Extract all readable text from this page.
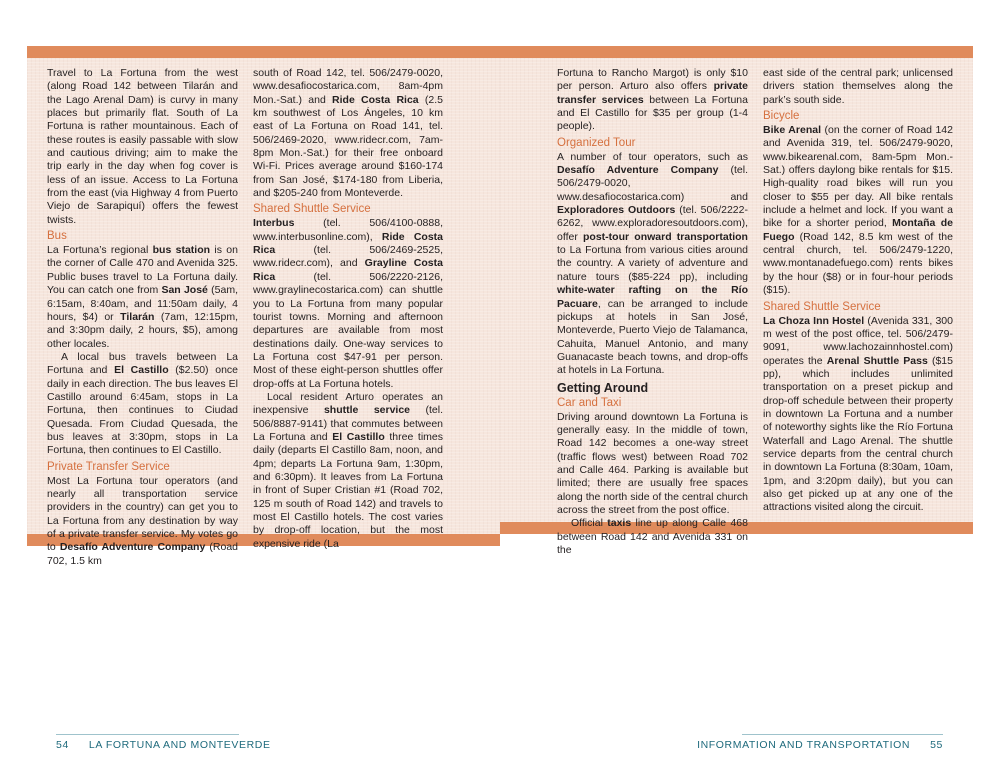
Travel to La Fortuna from the west (along Road 142 between Tilarán and the Lago Arenal Dam) is curvy in many places but primarily flat. South of La Fortuna is rather mountainous. Each of these routes is easily passable with slow and cautious driving; aim to make the trip early in the day when fog cover is less of an issue. Access to La Fortuna from the east (via Highway 4 from Puerto Viejo de Sarapiquí) offers the fewest twists.

Bus

La Fortuna’s regional bus station is on the corner of Calle 470 and Avenida 325. Public buses travel to La Fortuna daily. You can catch one from San José (5am, 6:15am, 8:40am, and 11:50am daily, 4 hours, $4) or Tilarán (7am, 12:15pm, and 3:30pm daily, 2 hours, $5), among other locales.

A local bus travels between La Fortuna and El Castillo ($2.50) once daily in each direction. The bus leaves El Castillo around 6:45am, stops in La Fortuna, then continues to Ciudad Quesada. From Ciudad Quesada, the bus leaves at 3:30pm, stops in La Fortuna, then continues to El Castillo.

Private Transfer Service

Most La Fortuna tour operators (and nearly all transportation service providers in the country) can get you to La Fortuna from any destination by way of a private transfer service. My votes go to Desafío Adventure Company (Road 702, 1.5 km

south of Road 142, tel. 506/2479-0020, www.desafiocostarica.com, 8am-4pm Mon.-Sat.) and Ride Costa Rica (2.5 km southwest of Los Ángeles, 10 km east of La Fortuna on Road 141, tel. 506/2469-2020, www.ridecr.com, 7am-8pm Mon.-Sat.) for their free onboard Wi-Fi. Prices average around $160-174 from San José, $174-180 from Liberia, and $205-240 from Monteverde.

Shared Shuttle Service

Interbus (tel. 506/4100-0888, www.interbusonline.com), Ride Costa Rica (tel. 506/2469-2525, www.ridecr.com), and Grayline Costa Rica (tel. 506/2220-2126, www.graylinecostarica.com) can shuttle you to La Fortuna from many popular tourist towns. Morning and afternoon departures are available from most destinations daily. One-way services to La Fortuna cost $47-91 per person. Most of these eight-person shuttles offer drop-offs at La Fortuna hotels.

Local resident Arturo operates an inexpensive shuttle service (tel. 506/8887-9141) that commutes between La Fortuna and El Castillo three times daily (departs El Castillo 8am, noon, and 4pm; departs La Fortuna 9am, 1:30pm, and 6:30pm). It leaves from La Fortuna in front of Super Cristian #1 (Road 702, 125 m south of Road 142) and travels to most El Castillo hotels. The cost varies by drop-off location, but the most expensive ride (La

Fortuna to Rancho Margot) is only $10 per person. Arturo also offers private transfer services between La Fortuna and El Castillo for $35 per group (1-4 people).

Organized Tour

A number of tour operators, such as Desafío Adventure Company (tel. 506/2479-0020, www.desafiocostarica.com) and Exploradores Outdoors (tel. 506/2222-6262, www.exploradoresoutdoors.com), offer post-tour onward transportation to La Fortuna from various cities around the country. A variety of adventure and nature tours ($85-224 pp), including white-water rafting on the Río Pacuare, can be arranged to include pickups at hotels in San José, Monteverde, Puerto Viejo de Talamanca, Cahuita, Manuel Antonio, and many Guanacaste beach towns, and drop-offs at hotels in La Fortuna.

Getting Around
Car and Taxi

Driving around downtown La Fortuna is generally easy. In the middle of town, Road 142 becomes a one-way street (traffic flows west) between Road 702 and Calle 464. Parking is available but limited; there are usually free spaces along the north side of the central church across the street from the post office.

Official taxis line up along Calle 468 between Road 142 and Avenida 331 on the

east side of the central park; unlicensed drivers station themselves along the park’s south side.

Bicycle

Bike Arenal (on the corner of Road 142 and Avenida 319, tel. 506/2479-9020, www.bikearenal.com, 8am-5pm Mon.-Sat.) offers daylong bike rentals for $15. High-quality road bikes will run you closer to $55 per day. All bike rentals include a helmet and lock. If you want a bike for a shorter period, Montaña de Fuego (Road 142, 8.5 km west of the central church, tel. 506/2479-1220, www.montanadefuego.com) rents bikes by the hour ($8) or in four-hour periods ($15).

Shared Shuttle Service

La Choza Inn Hostel (Avenida 331, 300 m west of the post office, tel. 506/2479-9091, www.lachozainnhostel.com) operates the Arenal Shuttle Pass ($15 pp), which includes unlimited transportation on a preset pickup and drop-off schedule between their property in downtown La Fortuna and a number of noteworthy sights like the Río Fortuna Waterfall and Lago Arenal. The shuttle service departs from the central church in downtown La Fortuna (8:30am, 10am, 1pm, and 3:20pm daily), but you can also get picked up at any one of the attractions visited along the circuit.

54 LA FORTUNA AND MONTEVERDE	INFORMATION AND TRANSPORTATION 55
